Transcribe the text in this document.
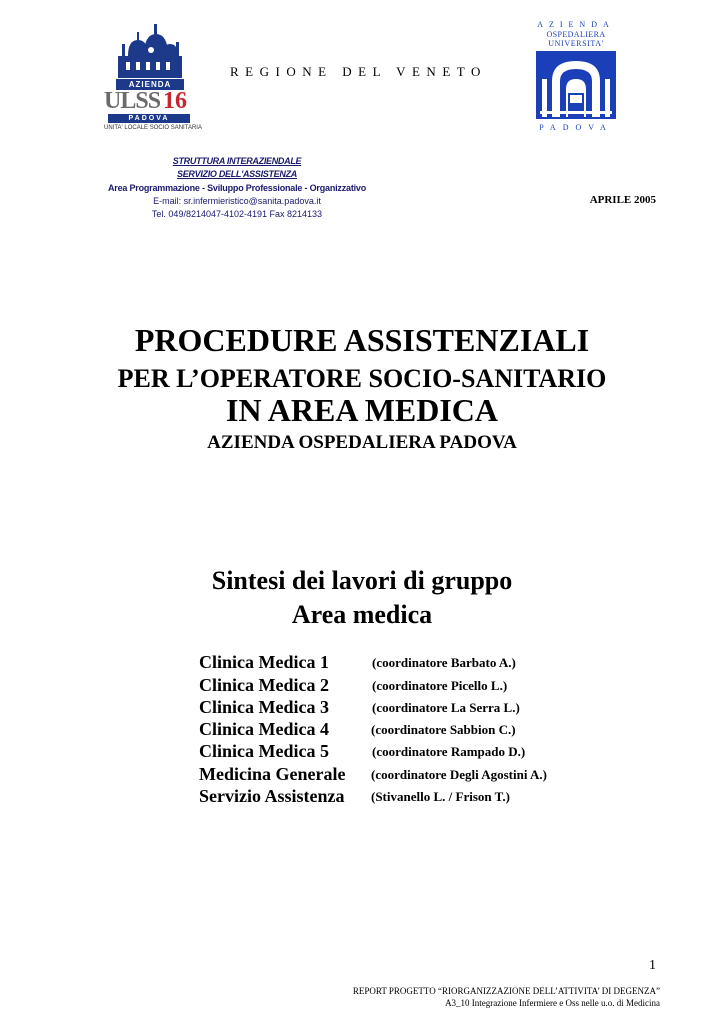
AZIENDA
ULSS 16
PADOVA
UNITA' LOCALE SOCIO SANITARIA
REGIONE DEL VENETO
AZIENDA
OSPEDALIERA
UNIVERSITA'
PADOVA
STRUTTURA INTERAZIENDALE
SERVIZIO DELL'ASSISTENZA
Area Programmazione - Sviluppo Professionale - Organizzativo
E-mail: sr.infermieristico@sanita.padova.it
Tel. 049/8214047-4102-4191 Fax 8214133
APRILE 2005
PROCEDURE ASSISTENZIALI
PER L’OPERATORE SOCIO-SANITARIO
IN AREA MEDICA
AZIENDA OSPEDALIERA PADOVA
Sintesi dei lavori di gruppo
Area medica
Clinica Medica 1	(coordinatore Barbato A.)
Clinica Medica 2	(coordinatore Picello L.)
Clinica Medica 3	(coordinatore La Serra L.)
Clinica Medica 4	(coordinatore Sabbion C.)
Clinica Medica 5	(coordinatore Rampado D.)
Medicina Generale (coordinatore Degli Agostini A.)
Servizio Assistenza (Stivanello L. / Frison T.)
1
REPORT PROGETTO “RIORGANIZZAZIONE DELL’ATTIVITA’ DI DEGENZA”
A3_10 Integrazione Infermiere e Oss nelle u.o. di Medicina
